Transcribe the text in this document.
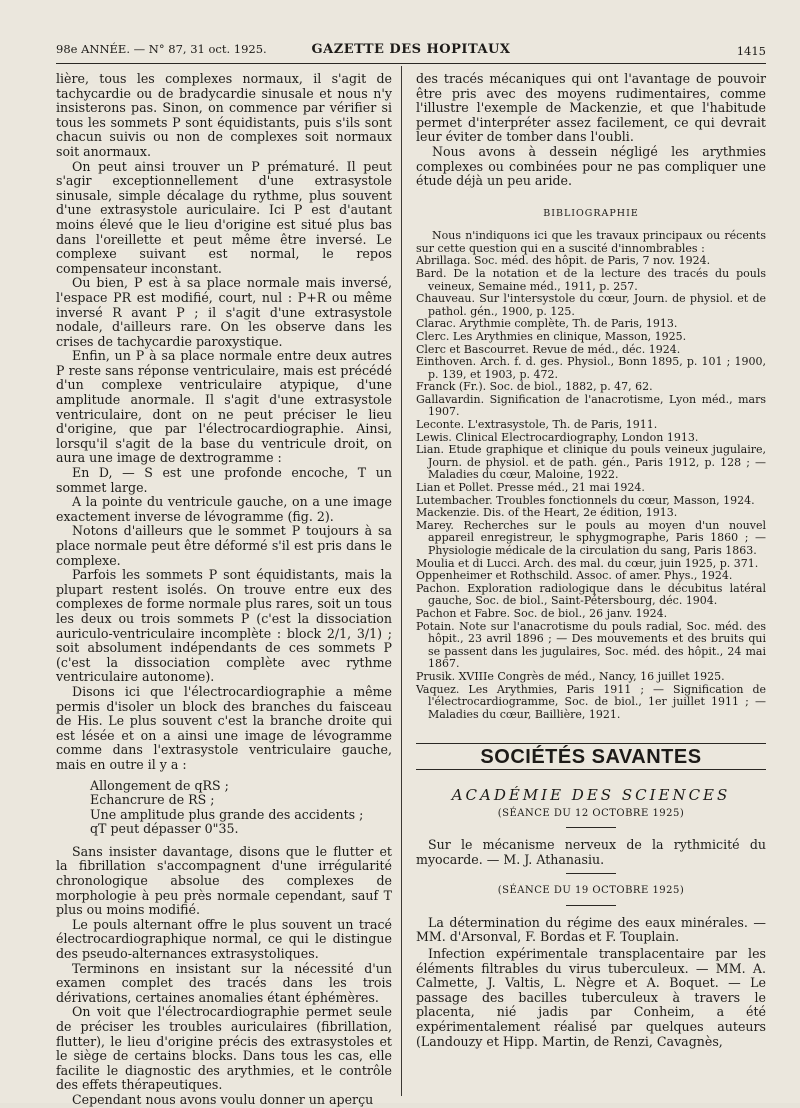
98e ANNÉE. — N° 87, 31 oct. 1925.	GAZETTE DES HOPITAUX	1415

lière, tous les complexes normaux, il s'agit de tachycardie ou de bradycardie sinusale et nous n'y insisterons pas. Sinon, on commence par vérifier si tous les sommets P sont équidistants, puis s'ils sont chacun suivis ou non de complexes soit normaux soit anormaux.

On peut ainsi trouver un P prématuré. Il peut s'agir exceptionnellement d'une extrasystole sinusale, simple décalage du rythme, plus souvent d'une extrasystole auriculaire. Ici P est d'autant moins élevé que le lieu d'origine est situé plus bas dans l'oreillette et peut même être inversé. Le complexe suivant est normal, le repos compensateur inconstant.

Ou bien, P est à sa place normale mais inversé, l'espace PR est modifié, court, nul : P+R ou même inversé R avant P ; il s'agit d'une extrasystole nodale, d'ailleurs rare. On les observe dans les crises de tachycardie paroxystique.

Enfin, un P à sa place normale entre deux autres P reste sans réponse ventriculaire, mais est précédé d'un complexe ventriculaire atypique, d'une amplitude anormale. Il s'agit d'une extrasystole ventriculaire, dont on ne peut préciser le lieu d'origine, que par l'électrocardiographie. Ainsi, lorsqu'il s'agit de la base du ventricule droit, on aura une image de dextrogramme :

En D, — S est une profonde encoche, T un sommet large.

A la pointe du ventricule gauche, on a une image exactement inverse de lévogramme (fig. 2).

Notons d'ailleurs que le sommet P toujours à sa place normale peut être déformé s'il est pris dans le complexe.

Parfois les sommets P sont équidistants, mais la plupart restent isolés. On trouve entre eux des complexes de forme normale plus rares, soit un tous les deux ou trois sommets P (c'est la dissociation auriculo-ventriculaire incomplète : block 2/1, 3/1) ; soit absolument indépendants de ces sommets P (c'est la dissociation complète avec rythme ventriculaire autonome).

Disons ici que l'électrocardiographie a même permis d'isoler un block des branches du faisceau de His. Le plus souvent c'est la branche droite qui est lésée et on a ainsi une image de lévogramme comme dans l'extrasystole ventriculaire gauche, mais en outre il y a :

Allongement de qRS ;
Echancrure de RS ;
Une amplitude plus grande des accidents ;
qT peut dépasser 0"35.

Sans insister davantage, disons que le flutter et la fibrillation s'accompagnent d'une irrégularité chronologique absolue des complexes de morphologie à peu près normale cependant, sauf T plus ou moins modifié.

Le pouls alternant offre le plus souvent un tracé électrocardiographique normal, ce qui le distingue des pseudo-alternances extrasystoliques.

Terminons en insistant sur la nécessité d'un examen complet des tracés dans les trois dérivations, certaines anomalies étant éphémères.

On voit que l'électrocardiographie permet seule de préciser les troubles auriculaires (fibrillation, flutter), le lieu d'origine précis des extrasystoles et le siège de certains blocks. Dans tous les cas, elle facilite le diagnostic des arythmies, et le contrôle des effets thérapeutiques.

Cependant nous avons voulu donner un aperçu

des tracés mécaniques qui ont l'avantage de pouvoir être pris avec des moyens rudimentaires, comme l'illustre l'exemple de Mackenzie, et que l'habitude permet d'interpréter assez facilement, ce qui devrait leur éviter de tomber dans l'oubli.

Nous avons à dessein négligé les arythmies complexes ou combinées pour ne pas compliquer une étude déjà un peu aride.

BIBLIOGRAPHIE

Nous n'indiquons ici que les travaux principaux ou récents sur cette question qui en a suscité d'innombrables :

Abrillaga. Soc. méd. des hôpit. de Paris, 7 nov. 1924.
Bard. De la notation et de la lecture des tracés du pouls veineux, Semaine méd., 1911, p. 257.
Chauveau. Sur l'intersystole du cœur, Journ. de physiol. et de pathol. gén., 1900, p. 125.
Clarac. Arythmie complète, Th. de Paris, 1913.
Clerc. Les Arythmies en clinique, Masson, 1925.
Clerc et Bascourret. Revue de méd., déc. 1924.
Einthoven. Arch. f. d. ges. Physiol., Bonn 1895, p. 101 ; 1900, p. 139, et 1903, p. 472.
Franck (Fr.). Soc. de biol., 1882, p. 47, 62.
Gallavardin. Signification de l'anacrotisme, Lyon méd., mars 1907.
Leconte. L'extrasystole, Th. de Paris, 1911.
Lewis. Clinical Electrocardiography, London 1913.
Lian. Etude graphique et clinique du pouls veineux jugulaire, Journ. de physiol. et de path. gén., Paris 1912, p. 128 ; — Maladies du cœur, Maloine, 1922.
Lian et Pollet. Presse méd., 21 mai 1924.
Lutembacher. Troubles fonctionnels du cœur, Masson, 1924.
Mackenzie. Dis. of the Heart, 2e édition, 1913.
Marey. Recherches sur le pouls au moyen d'un nouvel appareil enregistreur, le sphygmographe, Paris 1860 ; — Physiologie médicale de la circulation du sang, Paris 1863.
Moulia et di Lucci. Arch. des mal. du cœur, juin 1925, p. 371.
Oppenheimer et Rothschild. Assoc. of amer. Phys., 1924.
Pachon. Exploration radiologique dans le décubitus latéral gauche, Soc. de biol., Saint-Pétersbourg, déc. 1904.
Pachon et Fabre. Soc. de biol., 26 janv. 1924.
Potain. Note sur l'anacrotisme du pouls radial, Soc. méd. des hôpit., 23 avril 1896 ; — Des mouvements et des bruits qui se passent dans les jugulaires, Soc. méd. des hôpit., 24 mai 1867.
Prusik. XVIIIe Congrès de méd., Nancy, 16 juillet 1925.
Vaquez. Les Arythmies, Paris 1911 ; — Signification de l'électrocardiogramme, Soc. de biol., 1er juillet 1911 ; — Maladies du cœur, Baillière, 1921.
SOCIÉTÉS SAVANTES
ACADÉMIE DES SCIENCES
(SÉANCE DU 12 OCTOBRE 1925)

Sur le mécanisme nerveux de la rythmicité du myocarde. — M. J. Athanasiu.

(SÉANCE DU 19 OCTOBRE 1925)

La détermination du régime des eaux minérales. — MM. d'Arsonval, F. Bordas et F. Touplain.

Infection expérimentale transplacentaire par les éléments filtrables du virus tuberculeux. — MM. A. Calmette, J. Valtis, L. Nègre et A. Boquet. — Le passage des bacilles tuberculeux à travers le placenta, nié jadis par Conheim, a été expérimentalement réalisé par quelques auteurs (Landouzy et Hipp. Martin, de Renzi, Cavagnès,
